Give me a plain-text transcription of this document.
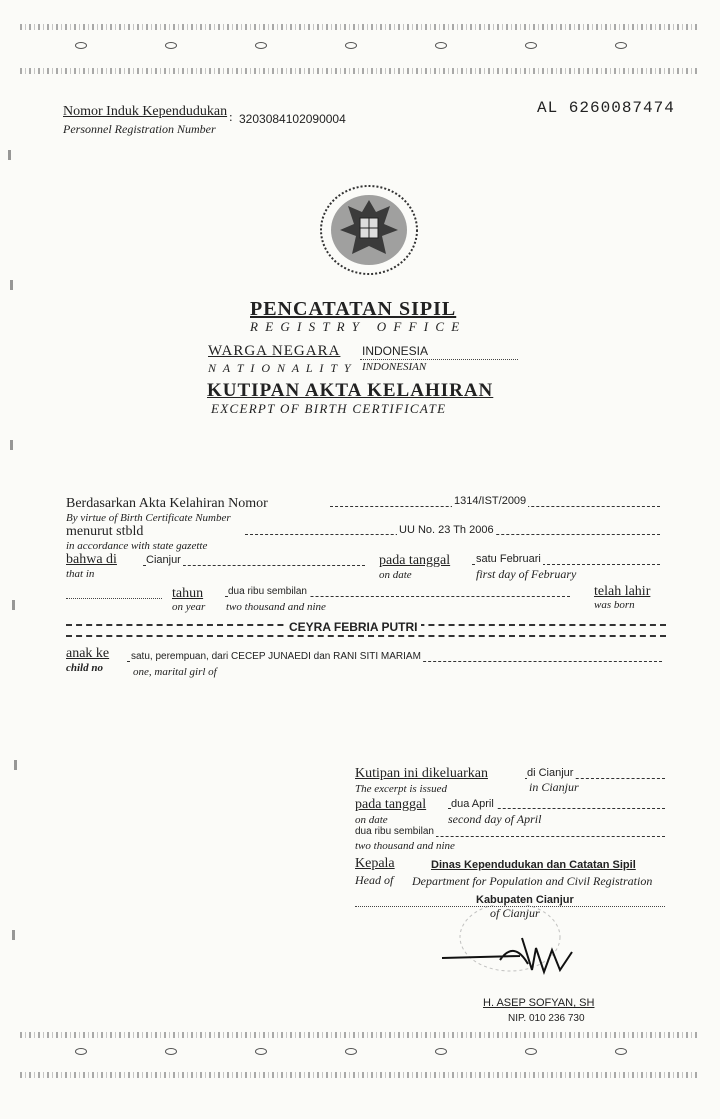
AL 6260087474
Nomor Induk Kependudukan
Personnel Registration Number
: 3203084102090004
PENCATATAN SIPIL
R E G I S T R Y   O F F I C E
WARGA NEGARA INDONESIA
N A T I O N A L I T Y INDONESIAN
KUTIPAN AKTA KELAHIRAN
EXCERPT OF BIRTH CERTIFICATE
Berdasarkan Akta Kelahiran Nomor
By virtue of Birth Certificate Number
1314/IST/2009
menurut stbld
in accordance with state gazette
UU No. 23 Th 2006
bahwa di
that in
Cianjur	pada tanggal
on date
satu Februari
first day of February
tahun
on year
dua ribu sembilan
two thousand and nine
telah lahir
was born
CEYRA FEBRIA PUTRI
anak ke
child no
satu, perempuan, dari CECEP JUNAEDI dan RANI SITI MARIAM
one, marital girl of
Kutipan ini dikeluarkan
The excerpt is issued
di Cianjur
in Cianjur
pada tanggal
on date
dua April
second day of April
dua ribu sembilan
two thousand and nine
Kepala
Head of
Dinas Kependudukan dan Catatan Sipil
Department for Population and Civil Registration
Kabupaten Cianjur
of Cianjur
H. ASEP SOFYAN, SH
NIP. 010 236 730
